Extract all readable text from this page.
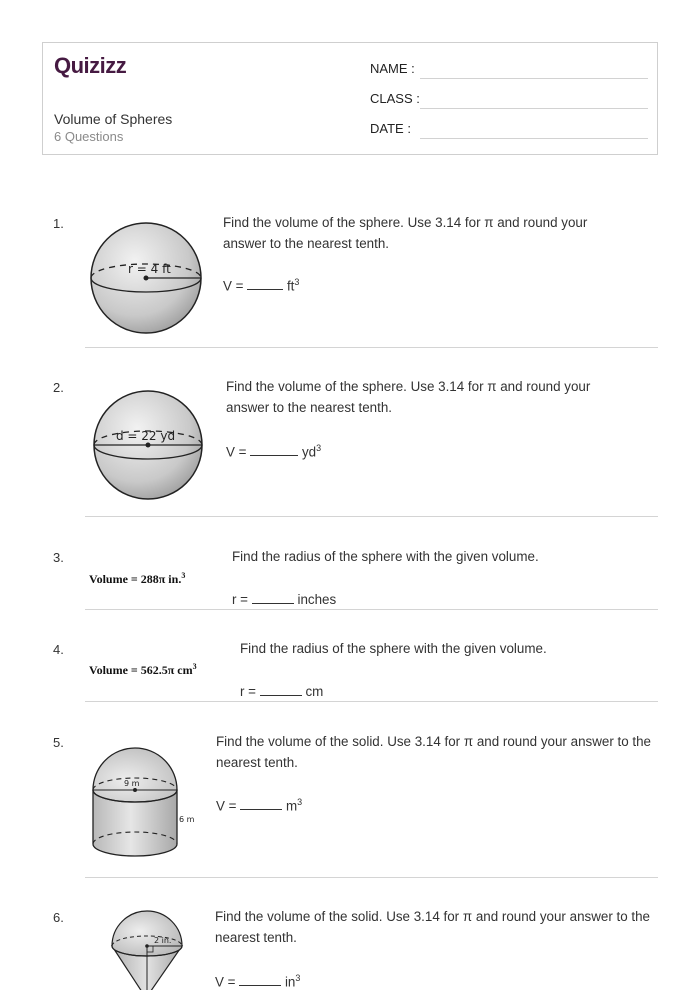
Quizizz
Volume of Spheres
6 Questions
NAME :
CLASS :
DATE :
1.
r = 4 ft
Find the volume of the sphere. Use 3.14 for π and round your answer to the nearest tenth.
V =	$ft^3$
2.
d = 22 yd
Find the volume of the sphere. Use 3.14 for π and round your answer to the nearest tenth.
V =	$yd^3$
3.
Volume = 288π in.$^3$
Find the radius of the sphere with the given volume.
r =	inches
4.
Volume = 562.5π $cm^3$
Find the radius of the sphere with the given volume.
r =	cm
5.
9 m
6 m
Find the volume of the solid. Use 3.14 for π and round your answer to the nearest tenth.
V =	$m^3$
6.
2 in.
Find the volume of the solid. Use 3.14 for π and round your answer to the nearest tenth.
V =	$in^3$
